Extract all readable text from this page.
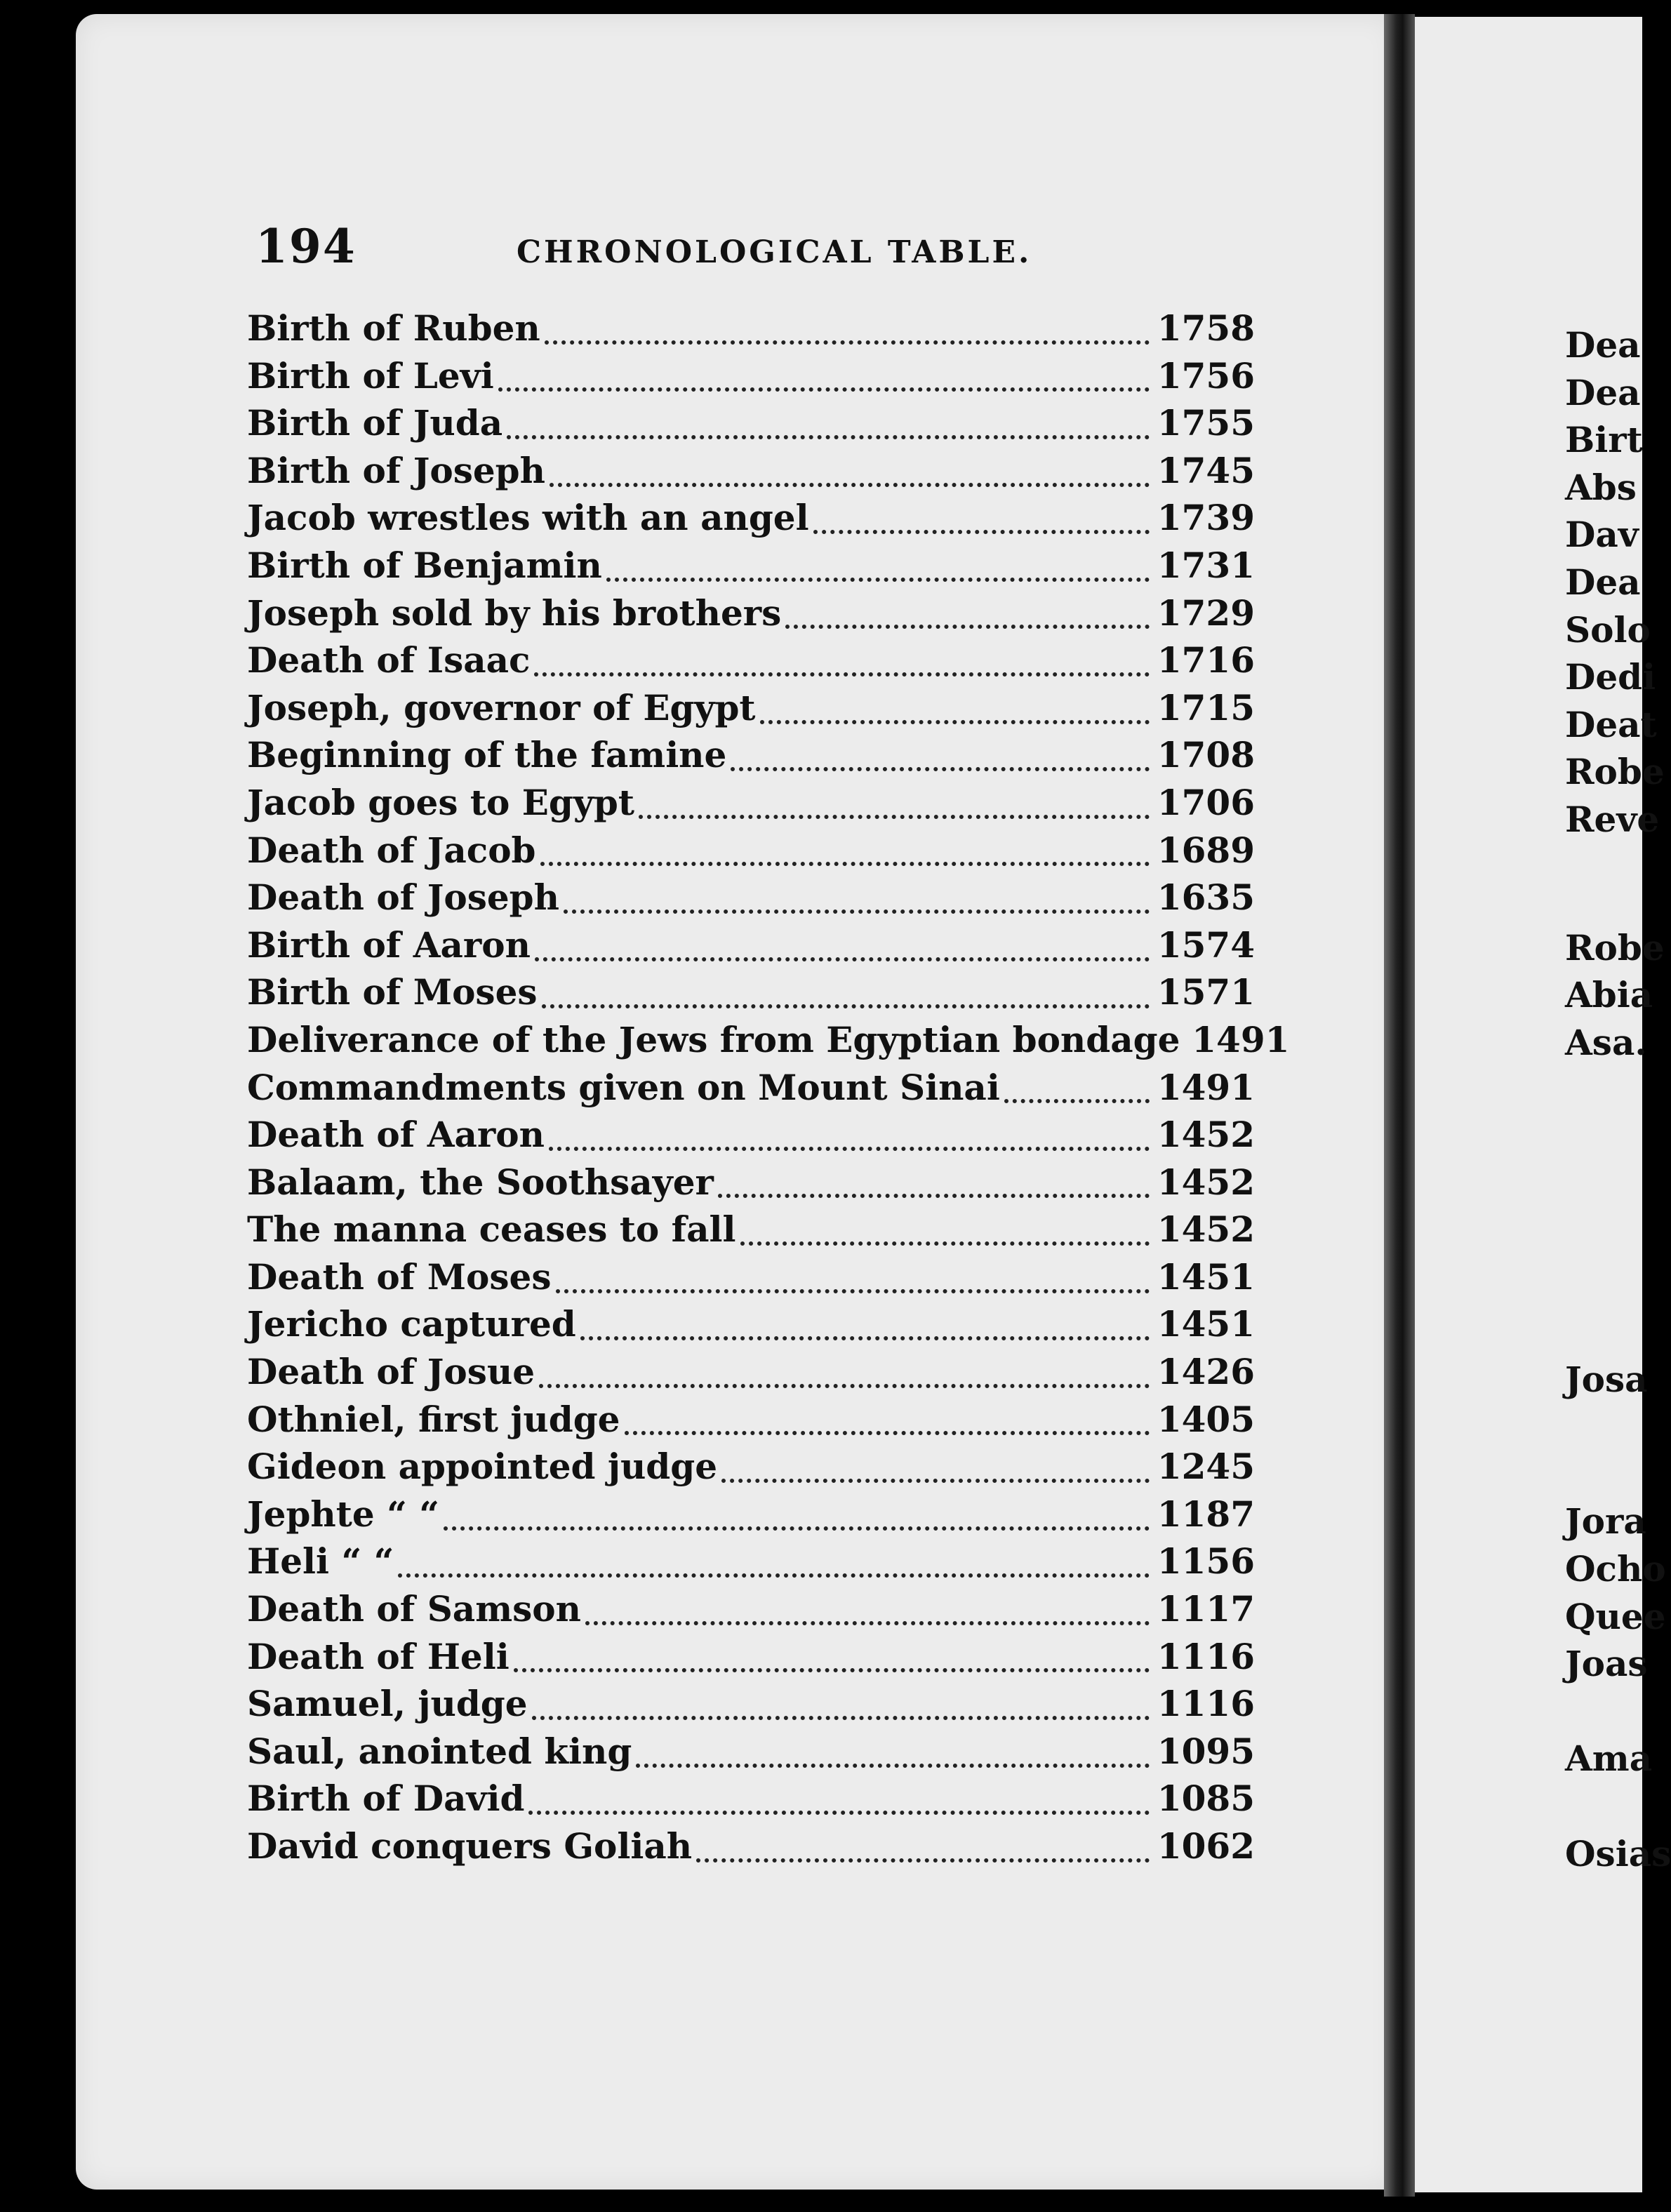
Dea
Dea
Birt
Abs
Dav
Dea
Solo
Dedi
Deat
Robe
Reve
Robe
Abia
Asa.
Josa
Jora
Ocho
Quee
Joas
Ama
Osias
194	CHRONOLOGICAL TABLE.
Birth of Ruben	1758
Birth of Levi	1756
Birth of Juda	1755
Birth of Joseph	1745
Jacob wrestles with an angel	1739
Birth of Benjamin	1731
Joseph sold by his brothers	1729
Death of Isaac	1716
Joseph, governor of Egypt	1715
Beginning of the famine	1708
Jacob goes to Egypt	1706
Death of Jacob	1689
Death of Joseph	1635
Birth of Aaron	1574
Birth of Moses	1571
Deliverance of the Jews from Egyptian bondage 1491
Commandments given on Mount Sinai	1491
Death of Aaron	1452
Balaam, the Soothsayer	1452
The manna ceases to fall	1452
Death of Moses	1451
Jericho captured	1451
Death of Josue	1426
Othniel, first judge	1405
Gideon appointed judge	1245
Jephte “ “	1187
Heli “ “	1156
Death of Samson	1117
Death of Heli	1116
Samuel, judge	1116
Saul, anointed king	1095
Birth of David	1085
David conquers Goliah	1062
